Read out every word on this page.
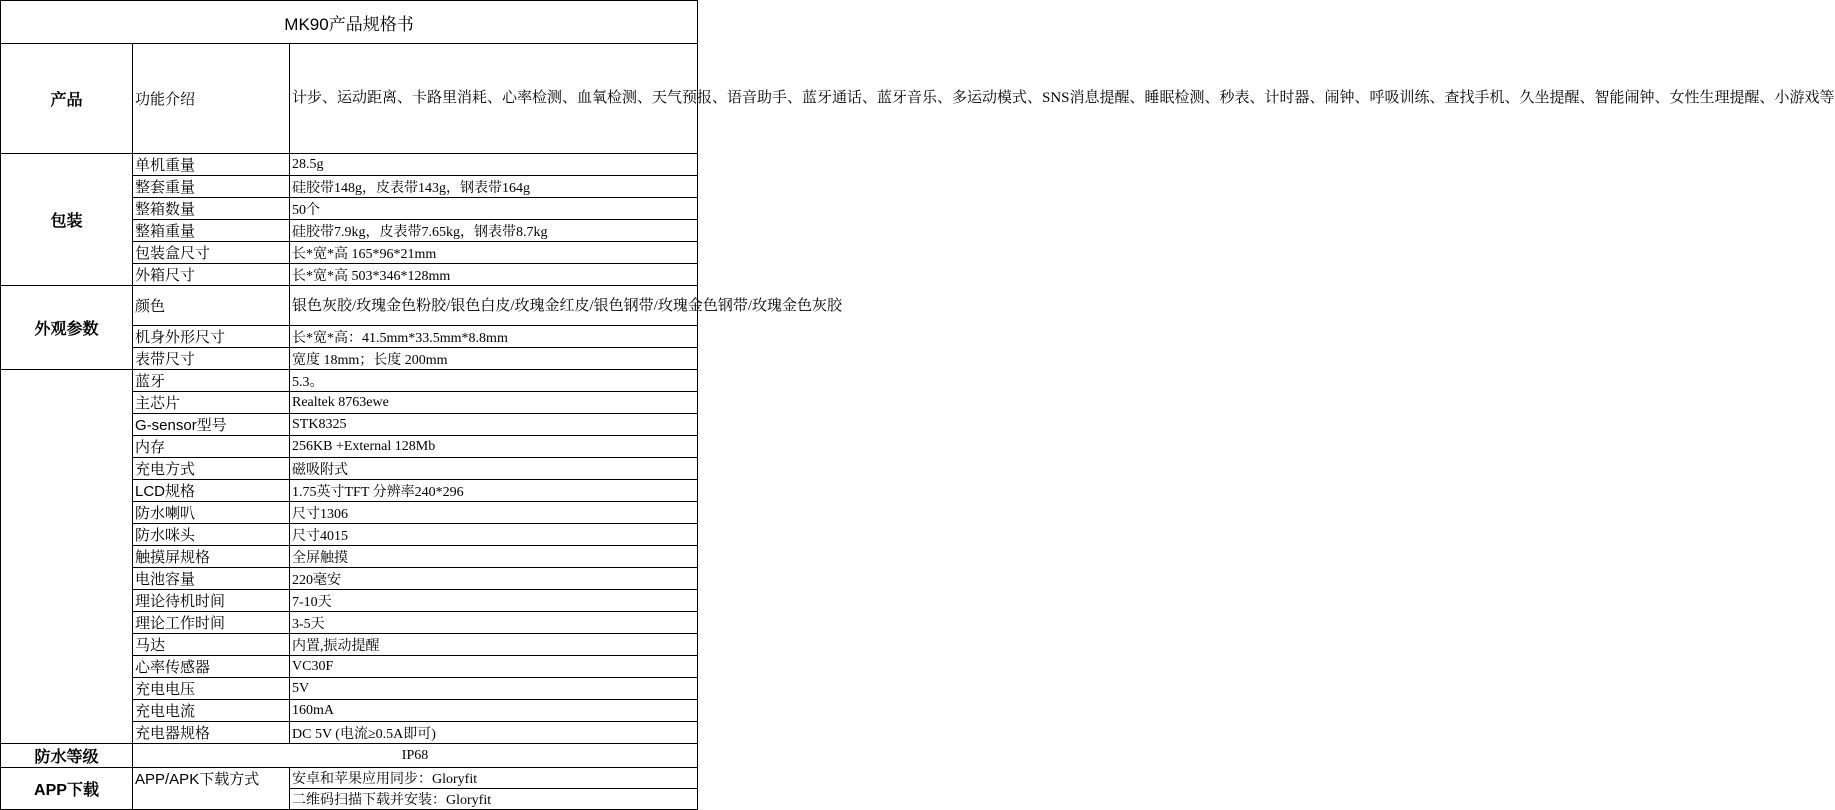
MK90产品规格书		
产品	功能介绍	计步、运动距离、卡路里消耗、心率检测、血氧检测、天气预报、语音助手、蓝牙通话、蓝牙音乐、多运动模式、SNS消息提醒、睡眠检测、秒表、计时器、闹钟、呼吸训练、查找手机、久坐提醒、智能闹钟、女性生理提醒、小游戏等
包装	单机重量	28.5g
	整套重量	硅胶带148g，皮表带143g，钢表带164g
	整箱数量	50个
	整箱重量	硅胶带7.9kg，皮表带7.65kg，钢表带8.7kg
	包装盒尺寸	长*宽*高 165*96*21mm
	外箱尺寸	长*宽*高 503*346*128mm
外观参数	颜色	银色灰胶/玫瑰金色粉胶/银色白皮/玫瑰金红皮/银色钢带/玫瑰金色钢带/玫瑰金色灰胶
	机身外形尺寸	长*宽*高：41.5mm*33.5mm*8.8mm
	表带尺寸	宽度 18mm；长度 200mm
	蓝牙	5.3。
	主芯片	Realtek 8763ewe
	G-sensor型号	STK8325
	内存	256KB +External 128Mb
	充电方式	磁吸附式
	LCD规格	1.75英寸TFT 分辨率240*296
	防水喇叭	尺寸1306
	防水咪头	尺寸4015
	触摸屏规格	全屏触摸
	电池容量	220毫安
	理论待机时间	7-10天
	理论工作时间	3-5天
	马达	内置,振动提醒
	心率传感器	VC30F
	充电电压	5V
	充电电流	160mA
	充电器规格	DC 5V (电流≥0.5A即可)
防水等级	IP68	
APP下载	APP/APK下载方式	安卓和苹果应用同步：Gloryfit
		二维码扫描下载并安装：Gloryfit
